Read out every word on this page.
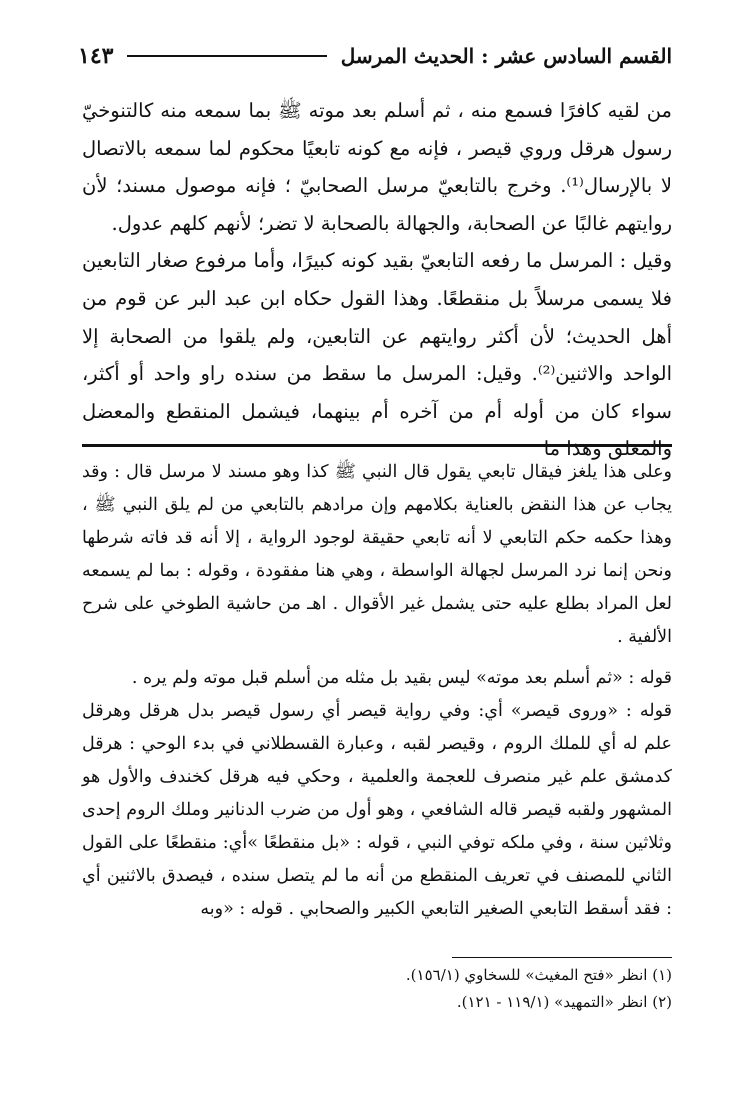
القسم السادس عشر : الحديث المرسل
١٤٣

من لقيه كافرًا فسمع منه ، ثم أسلم بعد موته ﷺ بما سمعه منه كالتنوخيّ رسول هرقل وروي قيصر ، فإنه مع كونه تابعيًا محكوم لما سمعه بالاتصال لا بالإرسال⁽¹⁾. وخرج بالتابعيّ مرسل الصحابيّ ؛ فإنه موصول مسند؛ لأن روايتهم غالبًا عن الصحابة، والجهالة بالصحابة لا تضر؛ لأنهم كلهم عدول.

وقيل : المرسل ما رفعه التابعيّ بقيد كونه كبيرًا، وأما مرفوع صغار التابعين فلا يسمى مرسلاً بل منقطعًا. وهذا القول حكاه ابن عبد البر عن قوم من أهل الحديث؛ لأن أكثر روايتهم عن التابعين، ولم يلقوا من الصحابة إلا الواحد والاثنين⁽²⁾. وقيل: المرسل ما سقط من سنده راو واحد أو أكثر، سواء كان من أوله أم من آخره أم بينهما، فيشمل المنقطع والمعضل والمعلق وهذا ما

وعلى هذا يلغز فيقال تابعي يقول قال النبي ﷺ كذا وهو مسند لا مرسل قال : وقد يجاب عن هذا النقض بالعناية بكلامهم وإن مرادهم بالتابعي من لم يلق النبي ﷺ ، وهذا حكمه حكم التابعي لا أنه تابعي حقيقة لوجود الرواية ، إلا أنه قد فاته شرطها ونحن إنما نرد المرسل لجهالة الواسطة ، وهي هنا مفقودة ، وقوله : بما لم يسمعه لعل المراد بطلع عليه حتى يشمل غير الأقوال . اهـ من حاشية الطوخي على شرح الألفية .

قوله : «ثم أسلم بعد موته» ليس بقيد بل مثله من أسلم قبل موته ولم يره .

قوله : «وروى قيصر» أي: وفي رواية قيصر أي رسول قيصر بدل هرقل وهرقل علم له أي للملك الروم ، وقيصر لقبه ، وعبارة القسطلاني في بدء الوحي : هرقل كدمشق علم غير منصرف للعجمة والعلمية ، وحكي فيه هرقل كخندف والأول هو المشهور ولقبه قيصر قاله الشافعي ، وهو أول من ضرب الدنانير وملك الروم إحدى وثلاثين سنة ، وفي ملكه توفي النبي ، قوله : «بل منقطعًا »أي: منقطعًا على القول الثاني للمصنف في تعريف المنقطع من أنه ما لم يتصل سنده ، فيصدق بالاثنين أي : فقد أسقط التابعي الصغير التابعي الكبير والصحابي . قوله : «وبه

(١) انظر «فتح المغيث» للسخاوي (١٥٦/١).

(٢) انظر «التمهيد» (١١٩/١ - ١٢١).
